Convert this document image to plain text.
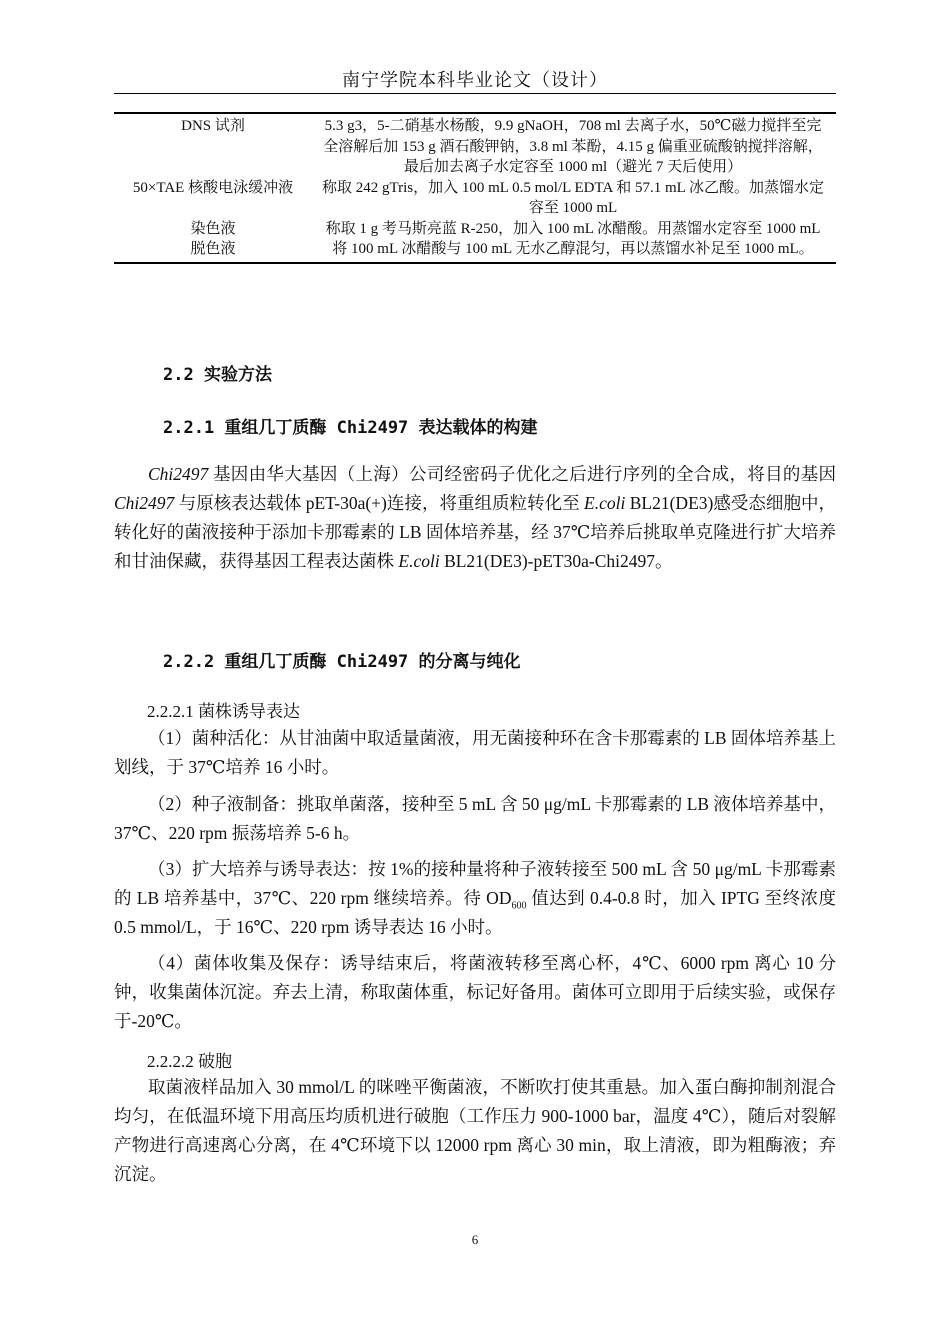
南宁学院本科毕业论文（设计）
DNS 试剂	5.3 g3，5-二硝基水杨酸，9.9 gNaOH，708 ml 去离子水，50℃磁力搅拌至完全溶解后加 153 g 酒石酸钾钠，3.8 ml 苯酚，4.15 g 偏重亚硫酸钠搅拌溶解，最后加去离子水定容至 1000 ml（避光 7 天后使用）
50×TAE 核酸电泳缓冲液	称取 242 gTris，加入 100 mL 0.5 mol/L EDTA 和 57.1 mL 冰乙酸。加蒸馏水定容至 1000 mL
染色液	称取 1 g 考马斯亮蓝 R-250，加入 100 mL 冰醋酸。用蒸馏水定容至 1000 mL
脱色液	将 100 mL 冰醋酸与 100 mL 无水乙醇混匀，再以蒸馏水补足至 1000 mL。
2.2 实验方法
2.2.1 重组几丁质酶 Chi2497 表达载体的构建

Chi2497 基因由华大基因（上海）公司经密码子优化之后进行序列的全合成，将目的基因 Chi2497 与原核表达载体 pET-30a(+)连接，将重组质粒转化至 E.coli BL21(DE3)感受态细胞中，转化好的菌液接种于添加卡那霉素的 LB 固体培养基，经 37℃培养后挑取单克隆进行扩大培养和甘油保藏，获得基因工程表达菌株 E.coli BL21(DE3)-pET30a-Chi2497。

2.2.2 重组几丁质酶 Chi2497 的分离与纯化
2.2.2.1 菌株诱导表达

（1）菌种活化：从甘油菌中取适量菌液，用无菌接种环在含卡那霉素的 LB 固体培养基上划线，于 37℃培养 16 小时。

（2）种子液制备：挑取单菌落，接种至 5 mL 含 50 μg/mL 卡那霉素的 LB 液体培养基中，37℃、220 rpm 振荡培养 5-6 h。

（3）扩大培养与诱导表达：按 1%的接种量将种子液转接至 500 mL 含 50 μg/mL 卡那霉素的 LB 培养基中，37℃、220 rpm 继续培养。待 $OD_{600}$ 值达到 0.4-0.8 时，加入 IPTG 至终浓度 0.5 mmol/L，于 16℃、220 rpm 诱导表达 16 小时。

（4）菌体收集及保存：诱导结束后，将菌液转移至离心杯，4℃、6000 rpm 离心 10 分钟，收集菌体沉淀。弃去上清，称取菌体重，标记好备用。菌体可立即用于后续实验，或保存于-20℃。

2.2.2.2 破胞

取菌液样品加入 30 mmol/L 的咪唑平衡菌液，不断吹打使其重悬。加入蛋白酶抑制剂混合均匀，在低温环境下用高压均质机进行破胞（工作压力 900-1000 bar，温度 4℃），随后对裂解产物进行高速离心分离，在 4℃环境下以 12000 rpm 离心 30 min，取上清液，即为粗酶液；弃沉淀。

6
